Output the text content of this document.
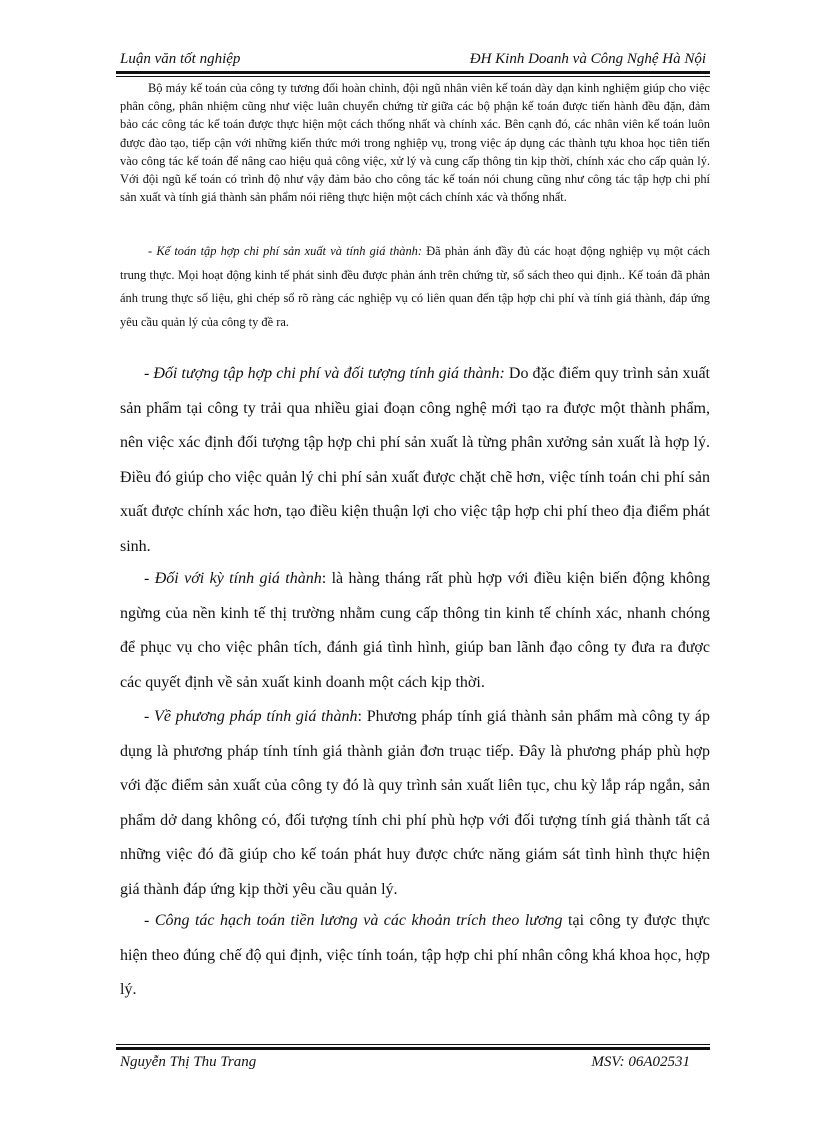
Luận văn tốt nghiệp	ĐH Kinh Doanh và Công Nghệ Hà Nội
Bộ máy kế toán của công ty tương đối hoàn chỉnh, đội ngũ nhân viên kế toán dày dạn kinh nghiệm giúp cho việc phân công, phân nhiệm cũng như việc luân chuyển chứng từ giữa các bộ phận kế toán được tiến hành đều đặn, đảm bảo các công tác kế toán được thực hiện một cách thống nhất và chính xác. Bên cạnh đó, các nhân viên kế toán luôn được đào tạo, tiếp cận với những kiến thức mới trong nghiệp vụ, trong việc áp dụng các thành tựu khoa học tiên tiến vào công tác kế toán để nâng cao hiệu quả công việc, xử lý và cung cấp thông tin kịp thời, chính xác cho cấp quản lý. Với đội ngũ kế toán có trình độ như vậy đảm bảo cho công tác kế toán nói chung cũng như công tác tập hợp chi phí sản xuất và tính giá thành sản phẩm nói riêng thực hiện một cách chính xác và thống nhất.
- Kế toán tập hợp chi phí sản xuất và tính giá thành: Đã phản ánh đầy đủ các hoạt động nghiệp vụ một cách trung thực. Mọi hoạt động kinh tế phát sinh đều được phản ánh trên chứng từ, sổ sách theo qui định.. Kế toán đã phản ánh trung thực số liệu, ghi chép sổ rõ ràng các nghiệp vụ có liên quan đến tập hợp chi phí và tính giá thành, đáp ứng yêu cầu quản lý của công ty đề ra.
- Đối tượng tập hợp chi phí và đối tượng tính giá thành: Do đặc điểm quy trình sản xuất sản phẩm tại công ty trải qua nhiều giai đoạn công nghệ mới tạo ra được một thành phẩm, nên việc xác định đối tượng tập hợp chi phí sản xuất là từng phân xưởng sản xuất là hợp lý. Điều đó giúp cho việc quản lý chi phí sản xuất được chặt chẽ hơn, việc tính toán chi phí sản xuất được chính xác hơn, tạo điều kiện thuận lợi cho việc tập hợp chi phí theo địa điểm phát sinh.
- Đối với kỳ tính giá thành: là hàng tháng rất phù hợp với điều kiện biến động không ngừng của nền kinh tế thị trường nhằm cung cấp thông tin kinh tế chính xác, nhanh chóng để phục vụ cho việc phân tích, đánh giá tình hình, giúp ban lãnh đạo công ty đưa ra được các quyết định về sản xuất kinh doanh một cách kịp thời.
- Về phương pháp tính giá thành: Phương pháp tính giá thành sản phẩm mà công ty áp dụng là phương pháp tính tính giá thành giản đơn truạc tiếp. Đây là phương pháp phù hợp với đặc điểm sản xuất của công ty đó là quy trình sản xuất liên tục, chu kỳ lắp ráp ngắn, sản phẩm dở dang không có, đối tượng tính chi phí phù hợp với đối tượng tính giá thành tất cả những việc đó đã giúp cho kế toán phát huy được chức năng giám sát tình hình thực hiện giá thành đáp ứng kịp thời yêu cầu quản lý.
- Công tác hạch toán tiền lương và các khoản trích theo lương tại công ty được thực hiện theo đúng chế độ qui định, việc tính toán, tập hợp chi phí nhân công khá khoa học, hợp lý.
Nguyễn Thị Thu Trang	MSV: 06A02531
